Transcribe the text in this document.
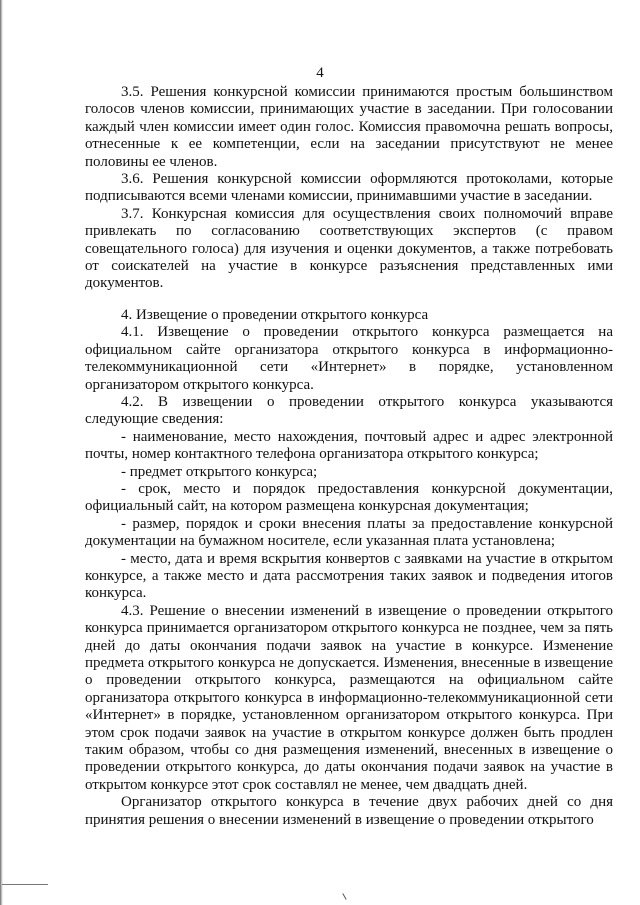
4

3.5. Решения конкурсной комиссии принимаются простым большинством голосов членов комиссии, принимающих участие в заседании. При голосовании каждый член комиссии имеет один голос. Комиссия правомочна решать вопросы, отнесенные к ее компетенции, если на заседании присутствуют не менее половины ее членов.

3.6. Решения конкурсной комиссии оформляются протоколами, которые подписываются всеми членами комиссии, принимавшими участие в заседании.

3.7. Конкурсная комиссия для осуществления своих полномочий вправе привлекать по согласованию соответствующих экспертов (с правом совещательного голоса) для изучения и оценки документов, а также потребовать от соискателей на участие в конкурсе разъяснения представленных ими документов.

4. Извещение о проведении открытого конкурса

4.1. Извещение о проведении открытого конкурса размещается на официальном сайте организатора открытого конкурса в информационно-телекоммуникационной сети «Интернет» в порядке, установленном организатором открытого конкурса.

4.2. В извещении о проведении открытого конкурса указываются следующие сведения:

- наименование, место нахождения, почтовый адрес и адрес электронной почты, номер контактного телефона организатора открытого конкурса;

- предмет открытого конкурса;

- срок, место и порядок предоставления конкурсной документации, официальный сайт, на котором размещена конкурсная документация;

- размер, порядок и сроки внесения платы за предоставление конкурсной документации на бумажном носителе, если указанная плата установлена;

- место, дата и время вскрытия конвертов с заявками на участие в открытом конкурсе, а также место и дата рассмотрения таких заявок и подведения итогов конкурса.

4.3. Решение о внесении изменений в извещение о проведении открытого конкурса принимается организатором открытого конкурса не позднее, чем за пять дней до даты окончания подачи заявок на участие в конкурсе. Изменение предмета открытого конкурса не допускается. Изменения, внесенные в извещение о проведении открытого конкурса, размещаются на официальном сайте организатора открытого конкурса в информационно-телекоммуникационной сети «Интернет» в порядке, установленном организатором открытого конкурса. При этом срок подачи заявок на участие в открытом конкурсе должен быть продлен таким образом, чтобы со дня размещения изменений, внесенных в извещение о проведении открытого конкурса, до даты окончания подачи заявок на участие в открытом конкурсе этот срок составлял не менее, чем двадцать дней.

Организатор открытого конкурса в течение двух рабочих дней со дня принятия решения о внесении изменений в извещение о проведении открытого
